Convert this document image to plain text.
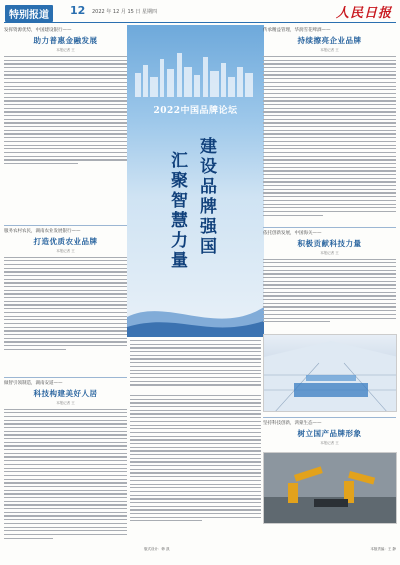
特别报道	12 2022 年 12 月 15 日 星期四	人民日报
发挥资源优势，中国建设银行——
助力普惠金融发展
本报记者 王
服务农村农民，湖南农业发展银行——
打造优质农业品牌
本报记者 王
做智引领制造，湖南安道——
科技构建美好人居
本报记者 王
2022中国品牌论坛
建设品牌强国
汇聚智慧力量
传承精益管理，华润雪花啤酒——
持续擦亮企业品牌
本报记者 王
依托创新发展，中国海关——
积极贡献科技力量
本报记者 王
坚持科技创新，鸿蒙生态——
树立国产品牌形象
本报记者 王
版式设计：韩 凯	本版责编：王 静
